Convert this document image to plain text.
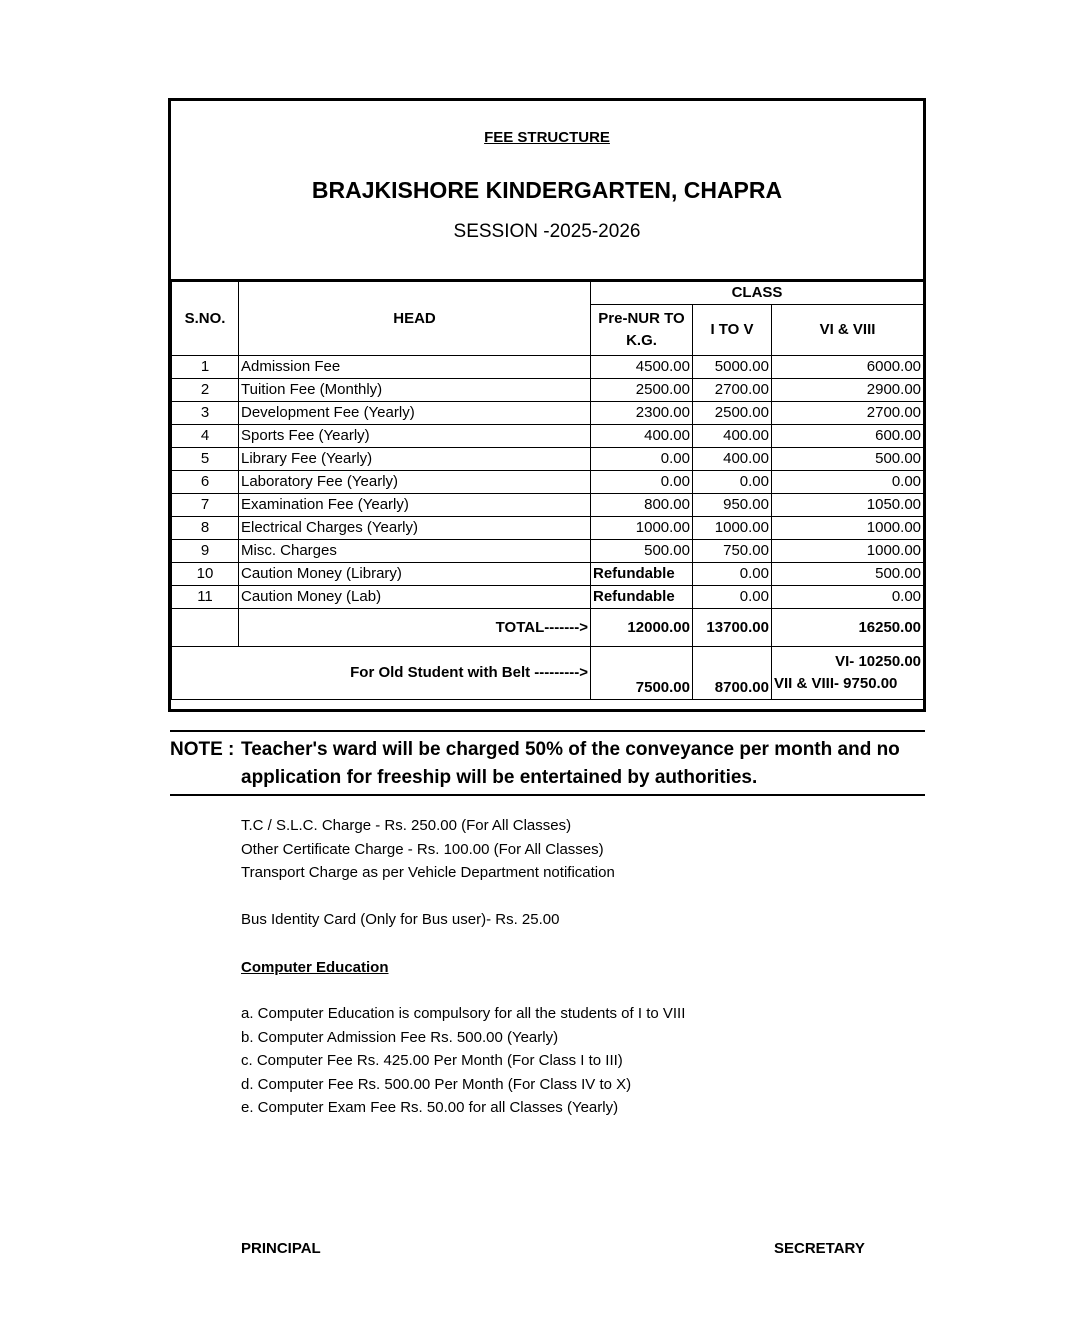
FEE STRUCTURE
BRAJKISHORE KINDERGARTEN, CHAPRA
SESSION -2025-2026
S.NO.	HEAD	CLASS		
		Pre-NUR TO K.G.	I TO V	VI & VIII
1	Admission Fee	4500.00	5000.00	6000.00
2	Tuition Fee (Monthly)	2500.00	2700.00	2900.00
3	Development Fee (Yearly)	2300.00	2500.00	2700.00
4	Sports Fee (Yearly)	400.00	400.00	600.00
5	Library Fee (Yearly)	0.00	400.00	500.00
6	Laboratory Fee (Yearly)	0.00	0.00	0.00
7	Examination Fee (Yearly)	800.00	950.00	1050.00
8	Electrical Charges (Yearly)	1000.00	1000.00	1000.00
9	Misc. Charges	500.00	750.00	1000.00
10	Caution Money (Library)	Refundable	0.00	500.00
11	Caution Money (Lab)	Refundable	0.00	0.00
	TOTAL------->	12000.00	13700.00	16250.00
For Old Student with Belt --------->		7500.00	8700.00	VI- 10250.00
VII & VIII- 9750.00
NOTE : Teacher's ward will be charged 50% of the conveyance per month and no application for freeship will be entertained by authorities.

T.C / S.L.C. Charge - Rs. 250.00 (For All Classes)

Other Certificate Charge - Rs. 100.00 (For All Classes)

Transport Charge as per Vehicle Department notification

Bus Identity Card (Only for Bus user)- Rs. 25.00

Computer Education

a. Computer Education is compulsory for all the students of I to VIII

b. Computer Admission Fee Rs. 500.00 (Yearly)

c. Computer Fee Rs. 425.00 Per Month (For Class I to III)

d. Computer Fee Rs. 500.00 Per Month (For Class IV to X)

e. Computer Exam Fee Rs. 50.00 for all Classes (Yearly)

PRINCIPAL	SECRETARY
